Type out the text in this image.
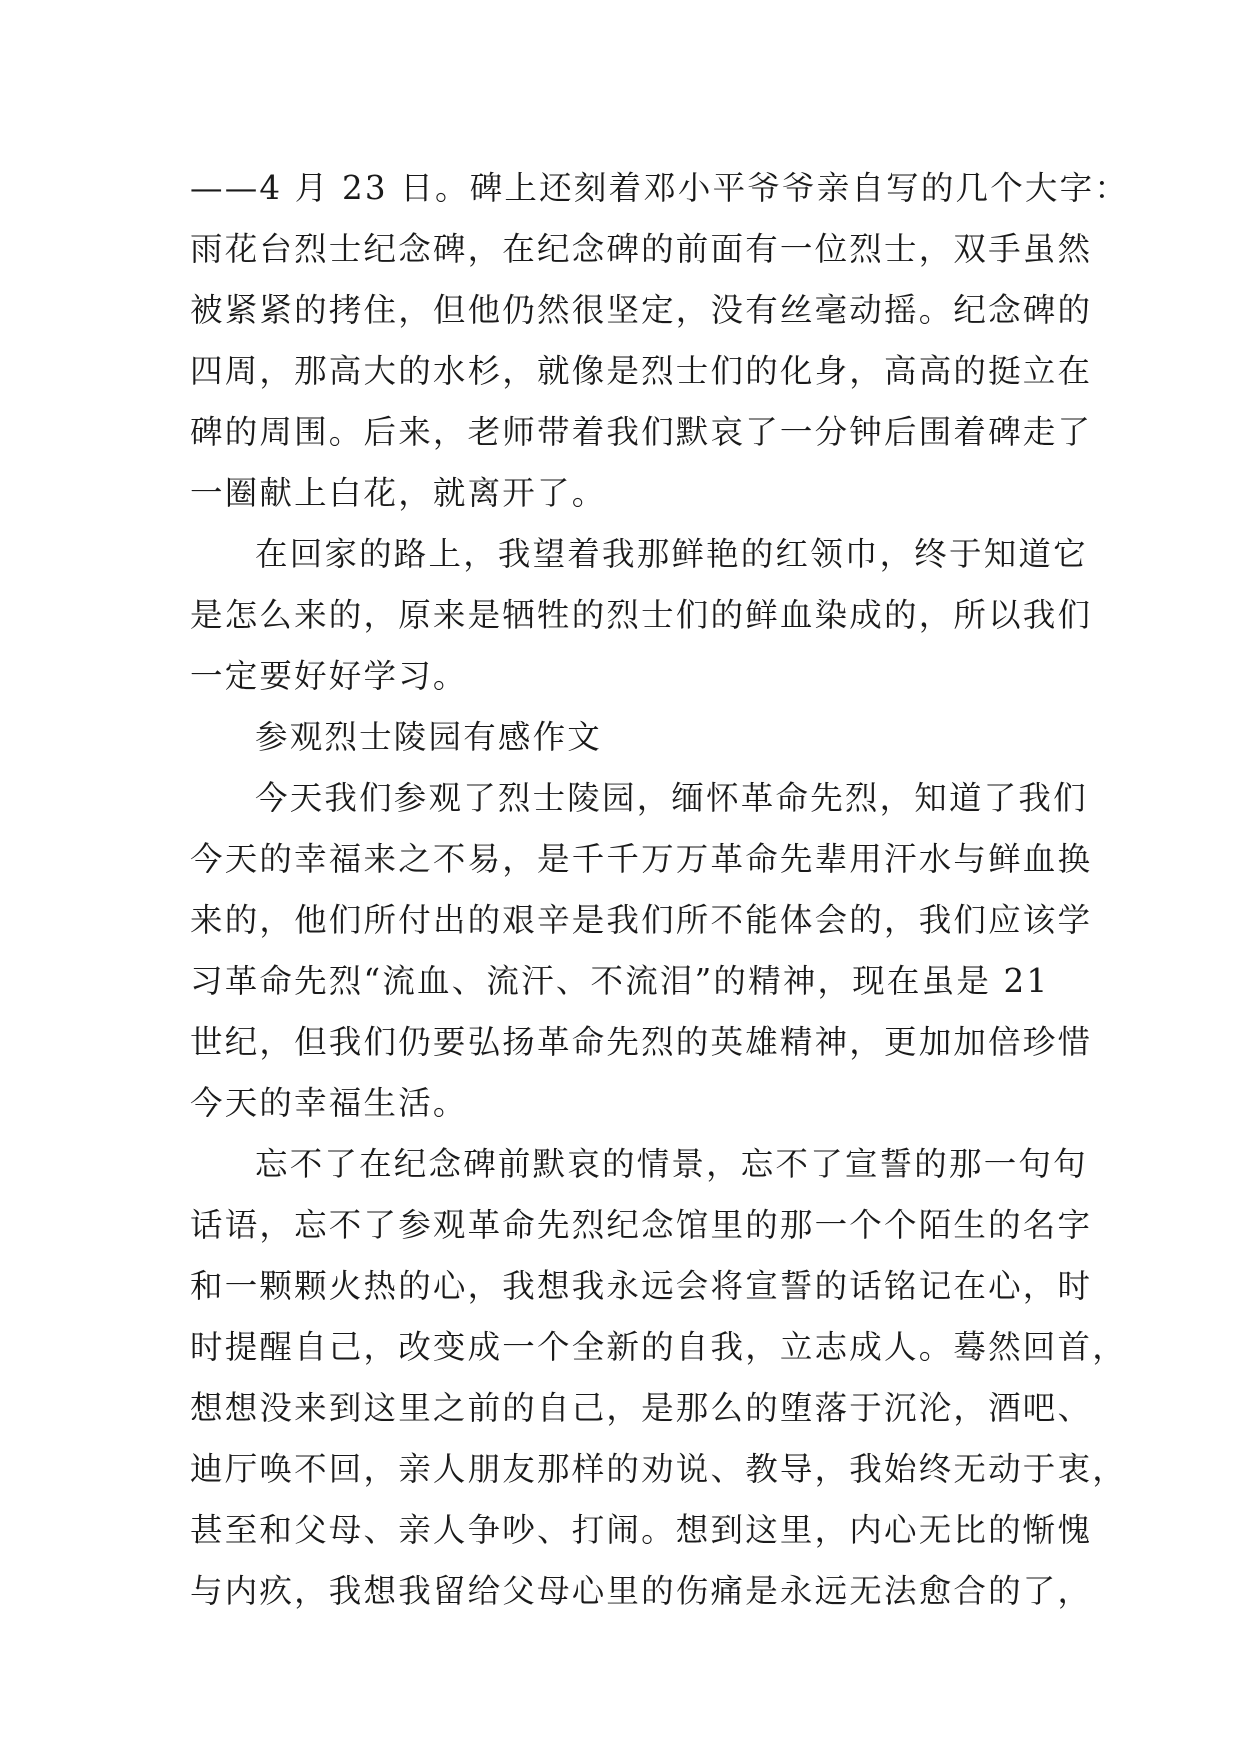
——4 月 23 日。碑上还刻着邓小平爷爷亲自写的几个大字：
雨花台烈士纪念碑，在纪念碑的前面有一位烈士，双手虽然
被紧紧的拷住，但他仍然很坚定，没有丝毫动摇。纪念碑的
四周，那高大的水杉，就像是烈士们的化身，高高的挺立在
碑的周围。后来，老师带着我们默哀了一分钟后围着碑走了
一圈献上白花，就离开了。
在回家的路上，我望着我那鲜艳的红领巾，终于知道它
是怎么来的，原来是牺牲的烈士们的鲜血染成的，所以我们
一定要好好学习。
参观烈士陵园有感作文
今天我们参观了烈士陵园，缅怀革命先烈，知道了我们
今天的幸福来之不易，是千千万万革命先辈用汗水与鲜血换
来的，他们所付出的艰辛是我们所不能体会的，我们应该学
习革命先烈“流血、流汗、不流泪”的精神，现在虽是 21
世纪，但我们仍要弘扬革命先烈的英雄精神，更加加倍珍惜
今天的幸福生活。
忘不了在纪念碑前默哀的情景，忘不了宣誓的那一句句
话语，忘不了参观革命先烈纪念馆里的那一个个陌生的名字
和一颗颗火热的心，我想我永远会将宣誓的话铭记在心，时
时提醒自己，改变成一个全新的自我，立志成人。蓦然回首，
想想没来到这里之前的自己，是那么的堕落于沉沦，酒吧、
迪厅唤不回，亲人朋友那样的劝说、教导，我始终无动于衷，
甚至和父母、亲人争吵、打闹。想到这里，内心无比的惭愧
与内疚，我想我留给父母心里的伤痛是永远无法愈合的了，
